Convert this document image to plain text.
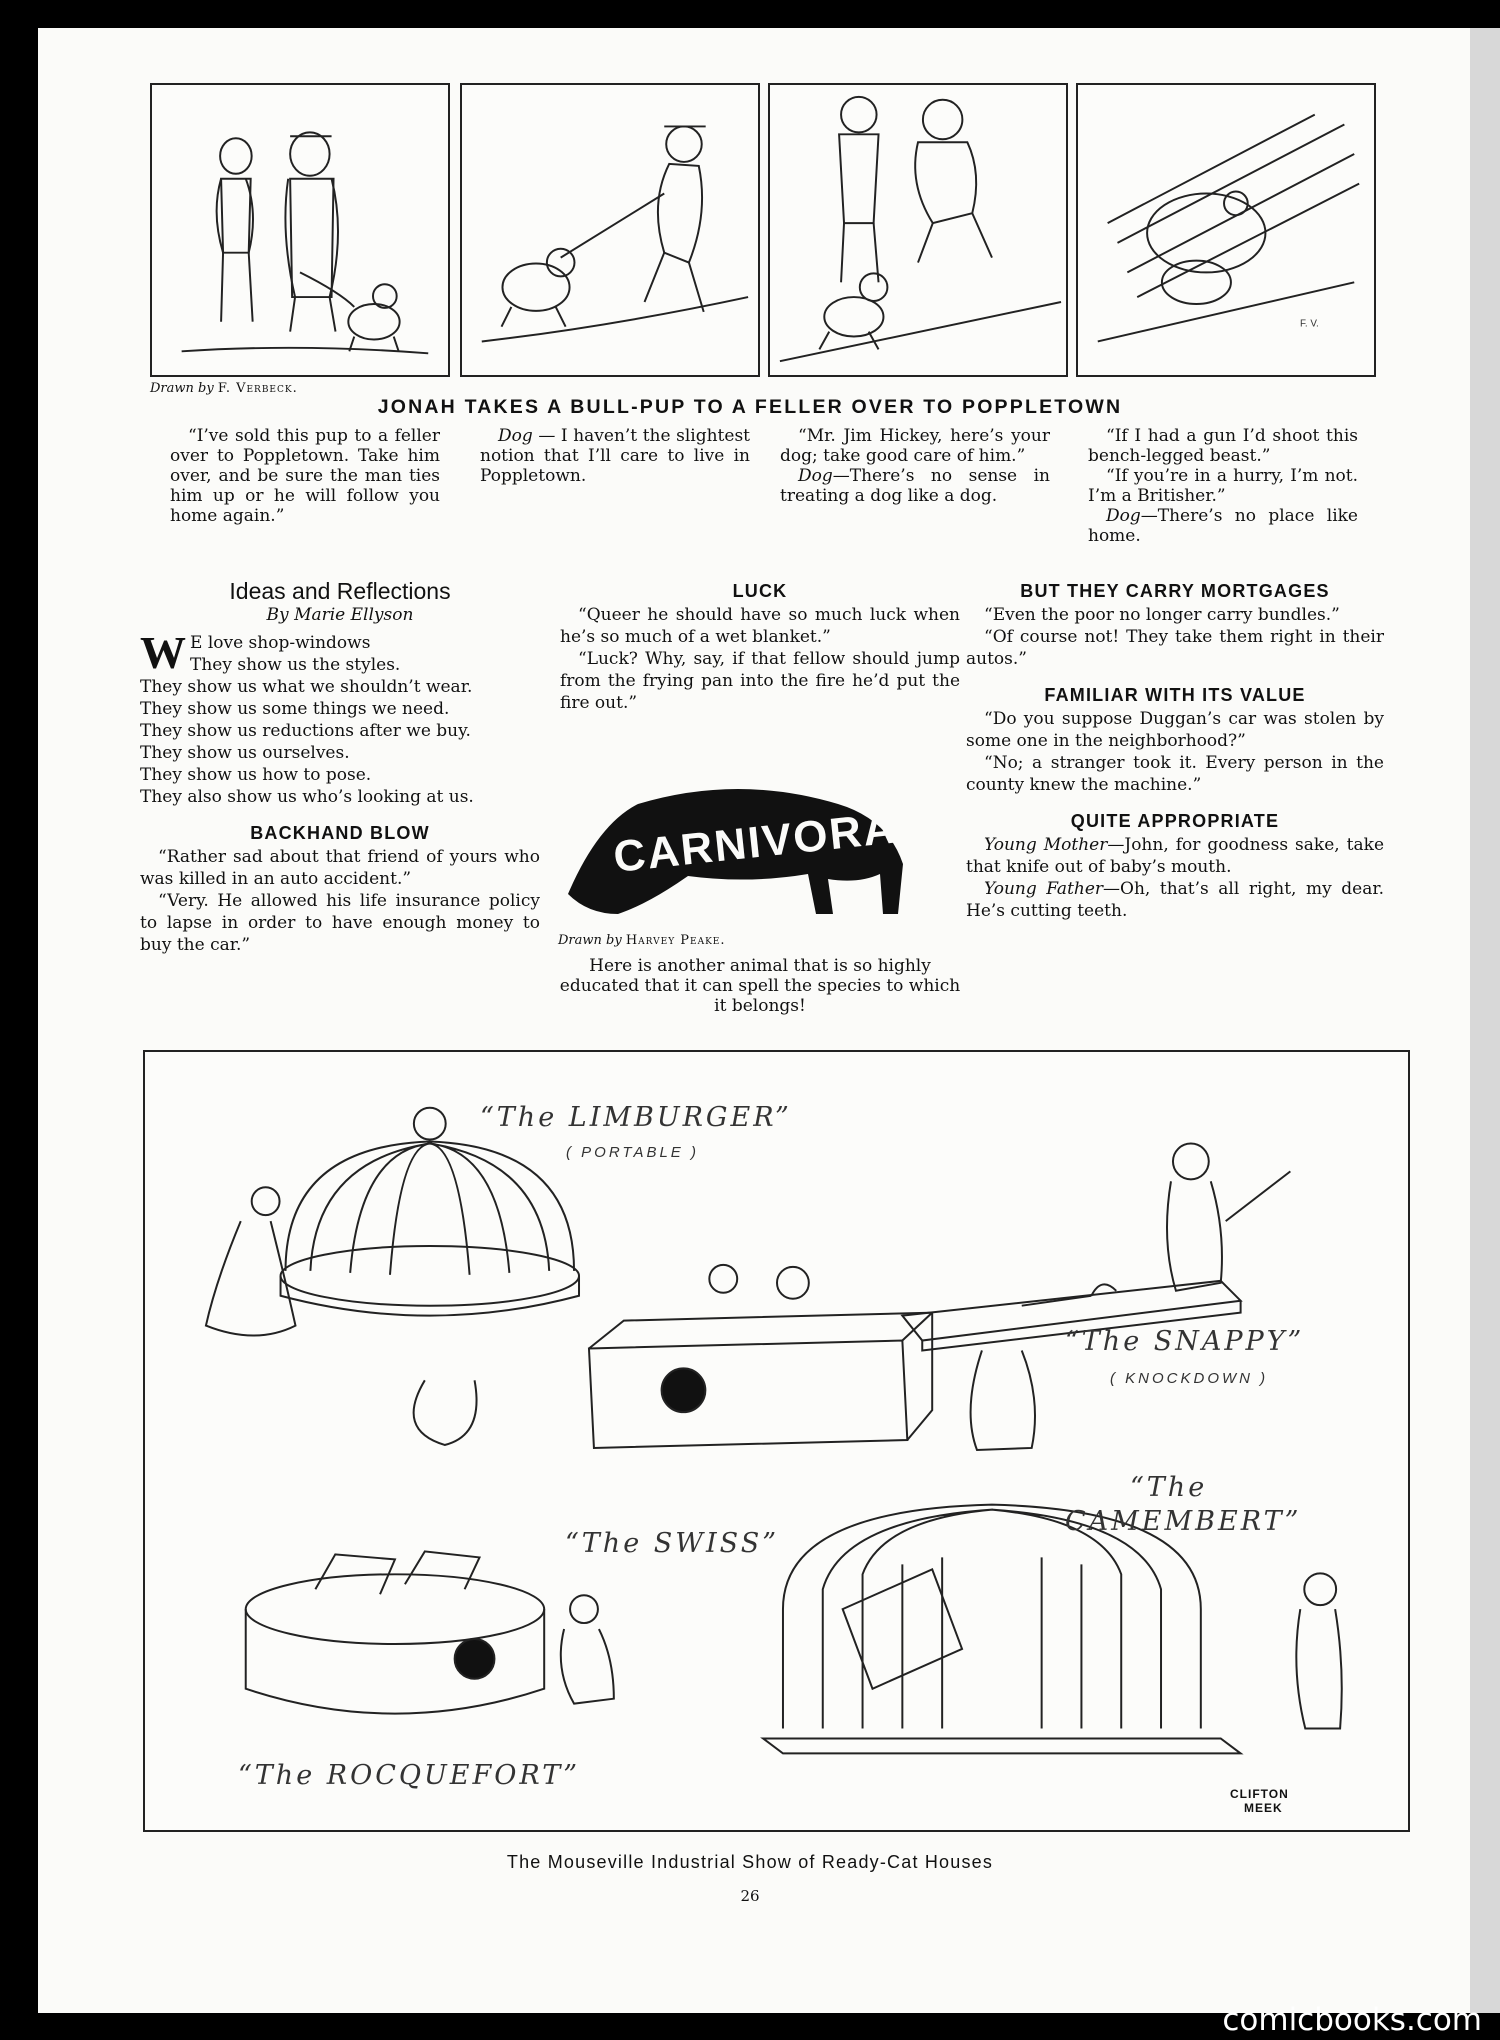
F. V.
Drawn by F. Verbeck.
JONAH TAKES A BULL-PUP TO A FELLER OVER TO POPPLETOWN

“I’ve sold this pup to a feller over to Poppletown. Take him over, and be sure the man ties him up or he will follow you home again.”

Dog — I haven’t the slightest notion that I’ll care to live in Poppletown.

“Mr. Jim Hickey, here’s your dog; take good care of him.”

Dog—There’s no sense in treating a dog like a dog.

“If I had a gun I’d shoot this bench-legged beast.”

“If you’re in a hurry, I’m not. I’m a Britisher.”

Dog—There’s no place like home.

Ideas and Reflections
By Marie Ellyson
W E love shop-windows
They show us the styles.
They show us what we shouldn’t wear.
They show us some things we need.
They show us reductions after we buy.
They show us ourselves.
They show us how to pose.
They also show us who’s looking at us.
BACKHAND BLOW

“Rather sad about that friend of yours who was killed in an auto accident.”

“Very. He allowed his life insurance policy to lapse in order to have enough money to buy the car.”

LUCK

“Queer he should have so much luck when he’s so much of a wet blanket.”

“Luck? Why, say, if that fellow should jump from the frying pan into the fire he’d put the fire out.”

CARNIVORA
Drawn by Harvey Peake.
Here is another animal that is so highly educated that it can spell the species to which it belongs!
BUT THEY CARRY MORTGAGES

“Even the poor no longer carry bundles.”

“Of course not! They take them right in their autos.”

FAMILIAR WITH ITS VALUE

“Do you suppose Duggan’s car was stolen by some one in the neighborhood?”

“No; a stranger took it. Every person in the county knew the machine.”

QUITE APPROPRIATE

Young Mother—John, for goodness sake, take that knife out of baby’s mouth.

Young Father—Oh, that’s all right, my dear. He’s cutting teeth.

“The LIMBURGER”
( PORTABLE )
“The SNAPPY”
( KNOCKDOWN )
“The SWISS”
“The
CAMEMBERT”
“The ROCQUEFORT”
CLIFTON
MEEK
The Mouseville Industrial Show of Ready-Cat Houses
26
comicbooks.com
